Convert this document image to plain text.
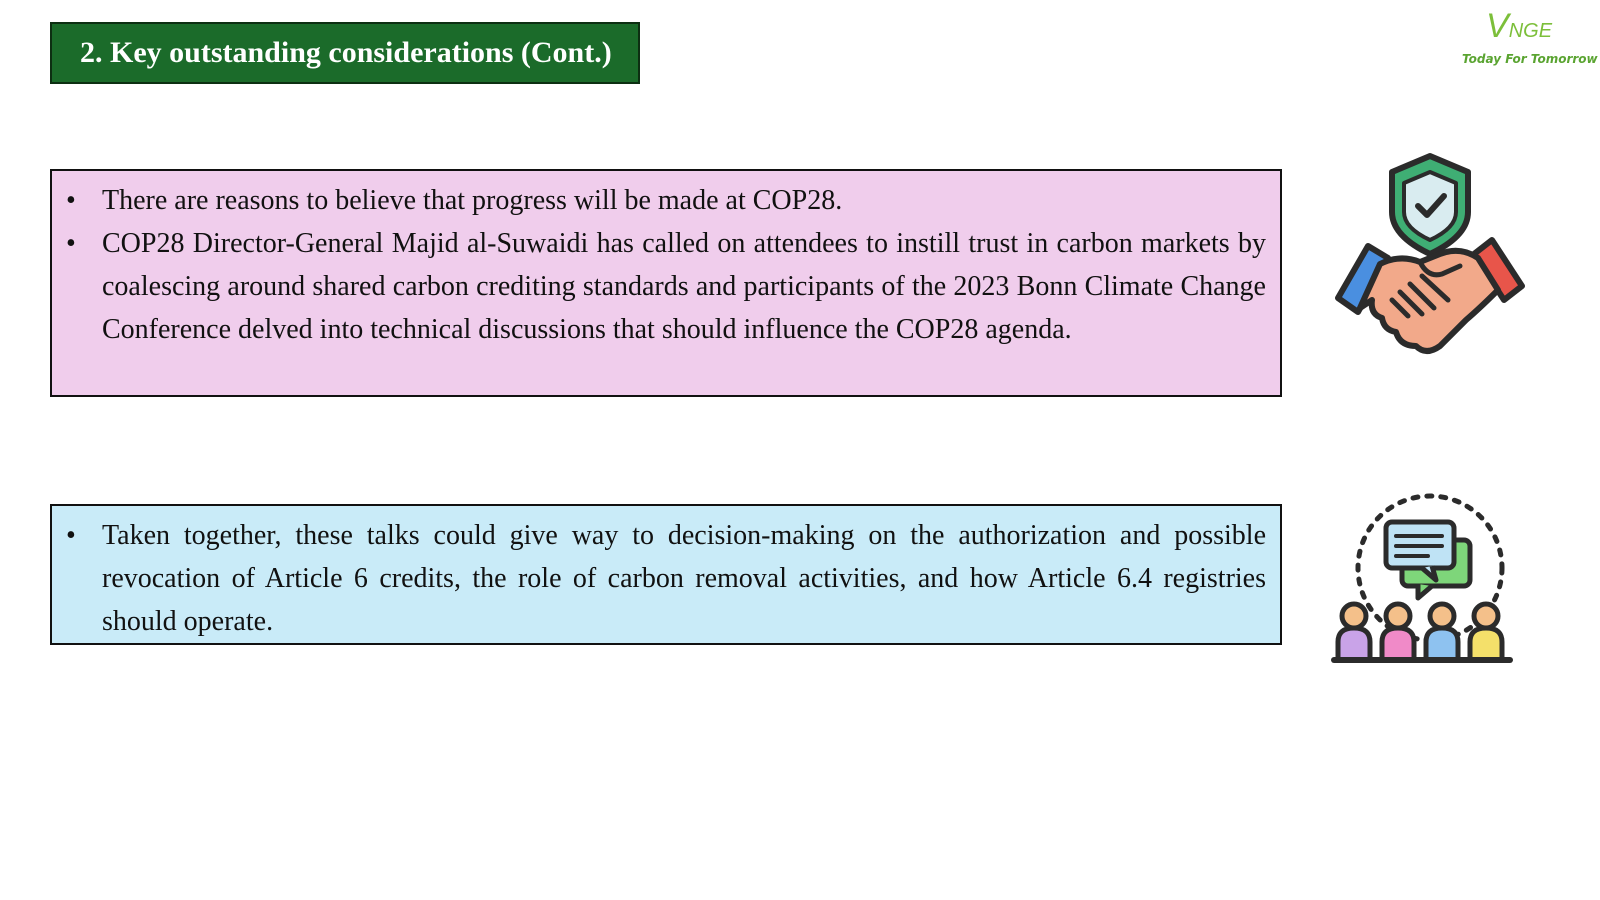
2. Key outstanding considerations (Cont.)
VNGE
Today For Tomorrow
• There are reasons to believe that progress will be made at COP28.
• COP28 Director-General Majid al-Suwaidi has called on attendees to instill trust in carbon markets by coalescing around shared carbon crediting standards and participants of the 2023 Bonn Climate Change Conference delved into technical discussions that should influence the COP28 agenda.
• Taken together, these talks could give way to decision-making on the authorization and possible revocation of Article 6 credits, the role of carbon removal activities, and how Article 6.4 registries should operate.
